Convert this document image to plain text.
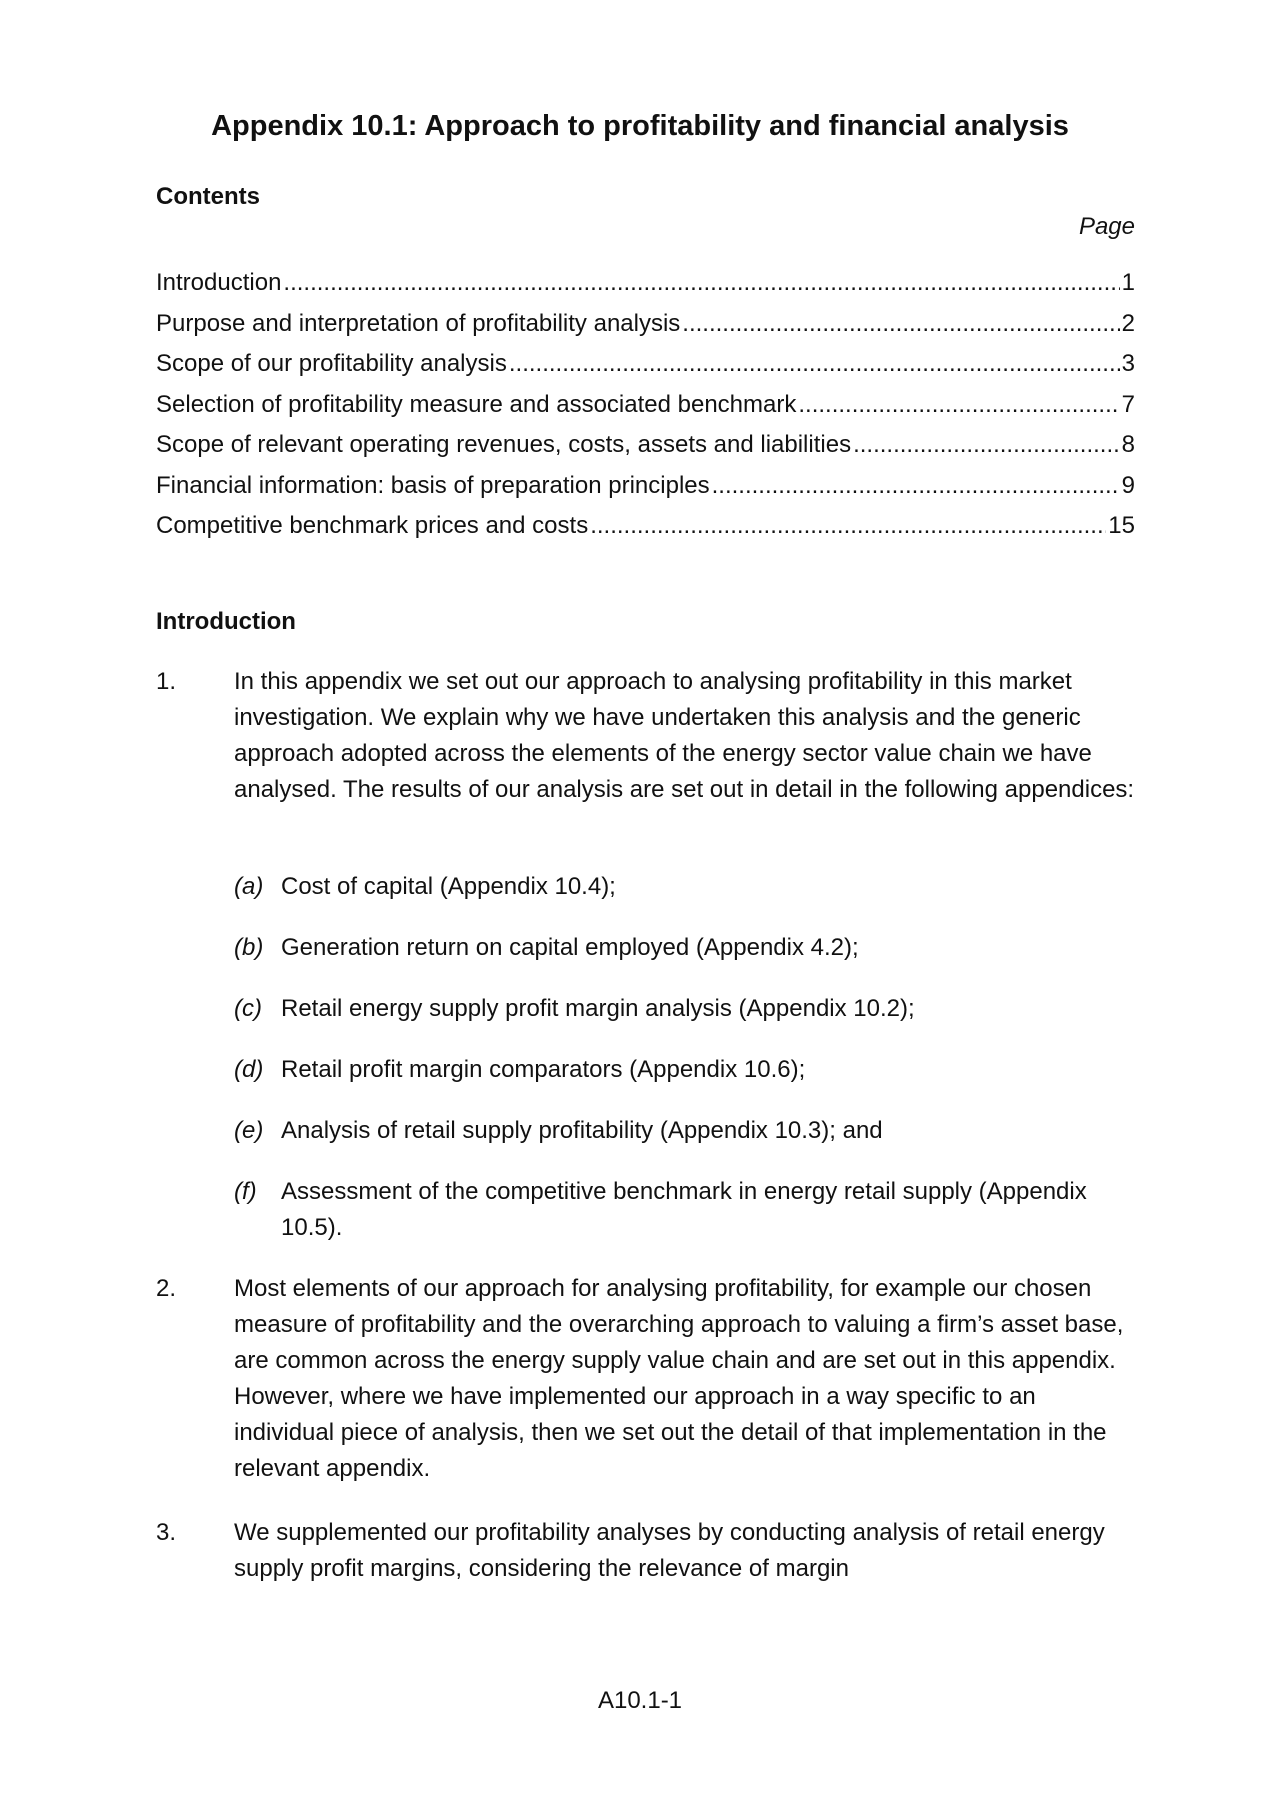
Appendix 10.1: Approach to profitability and financial analysis
Contents
Page
Introduction .....	1
Purpose and interpretation of profitability analysis .....	2
Scope of our profitability analysis .....	3
Selection of profitability measure and associated benchmark .....	7
Scope of relevant operating revenues, costs, assets and liabilities .....	8
Financial information: basis of preparation principles .....	9
Competitive benchmark prices and costs .....	15
Introduction
1. In this appendix we set out our approach to analysing profitability in this market investigation. We explain why we have undertaken this analysis and the generic approach adopted across the elements of the energy sector value chain we have analysed. The results of our analysis are set out in detail in the following appendices:
(a) Cost of capital (Appendix 10.4);
(b) Generation return on capital employed (Appendix 4.2);
(c) Retail energy supply profit margin analysis (Appendix 10.2);
(d) Retail profit margin comparators (Appendix 10.6);
(e) Analysis of retail supply profitability (Appendix 10.3); and
(f) Assessment of the competitive benchmark in energy retail supply (Appendix 10.5).
2. Most elements of our approach for analysing profitability, for example our chosen measure of profitability and the overarching approach to valuing a firm’s asset base, are common across the energy supply value chain and are set out in this appendix. However, where we have implemented our approach in a way specific to an individual piece of analysis, then we set out the detail of that implementation in the relevant appendix.
3. We supplemented our profitability analyses by conducting analysis of retail energy supply profit margins, considering the relevance of margin
A10.1-1
